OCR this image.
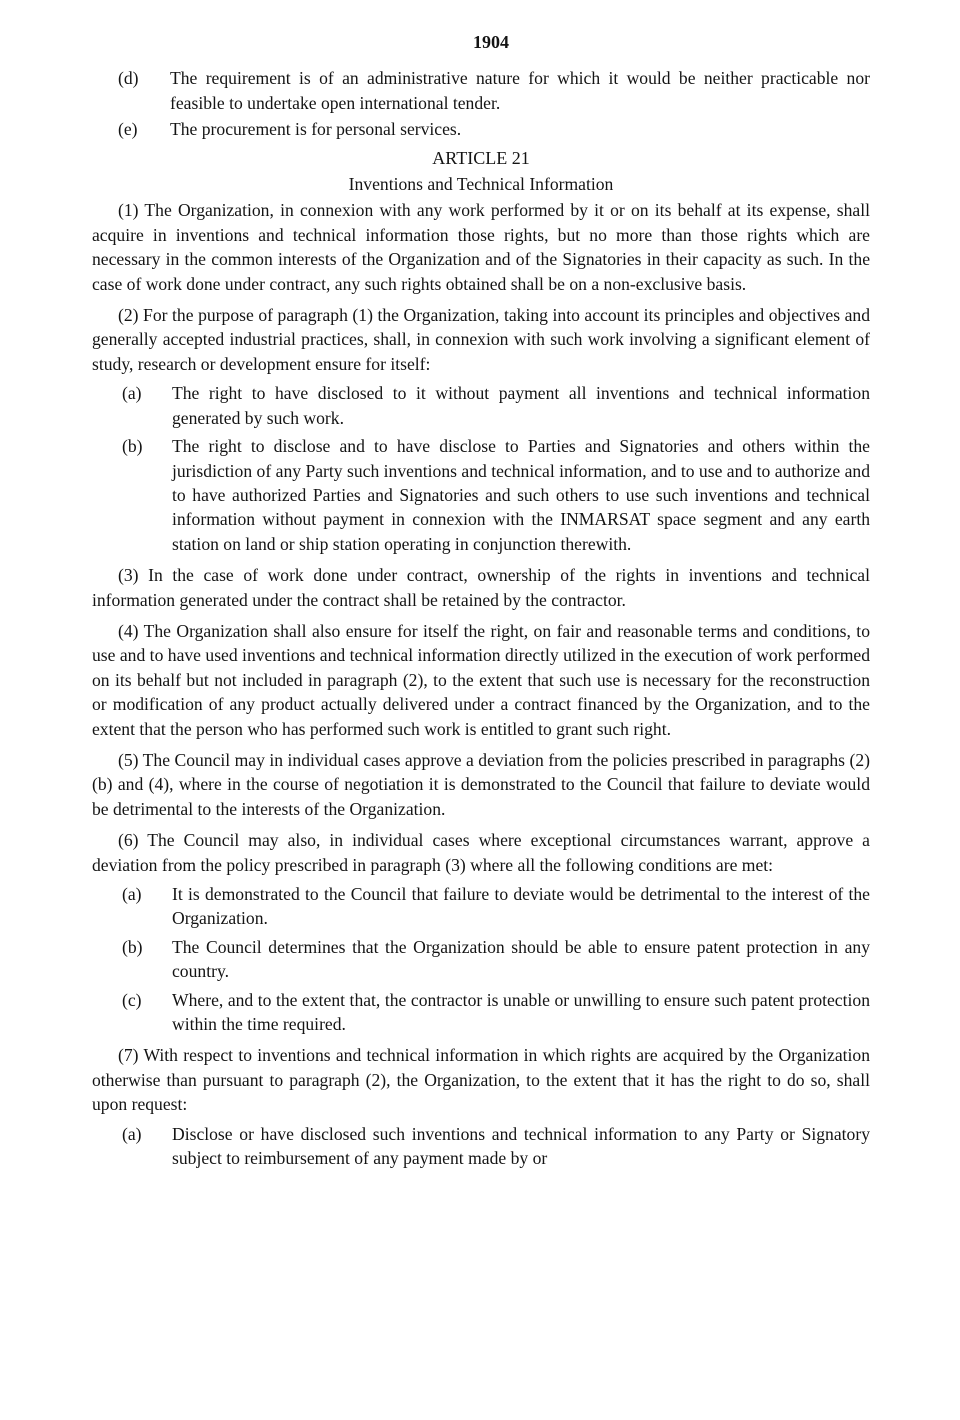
1904
(d)	The requirement is of an administrative nature for which it would be neither practicable nor feasible to undertake open international tender.
(e)	The procurement is for personal services.
ARTICLE 21
Inventions and Technical Information

(1) The Organization, in connexion with any work performed by it or on its behalf at its expense, shall acquire in inventions and technical information those rights, but no more than those rights which are necessary in the common interests of the Organization and of the Signatories in their capacity as such. In the case of work done under contract, any such rights obtained shall be on a non-exclusive basis.

(2) For the purpose of paragraph (1) the Organization, taking into account its principles and objectives and generally accepted industrial practices, shall, in connexion with such work involving a significant element of study, research or development ensure for itself:

(a)	The right to have disclosed to it without payment all inventions and technical information generated by such work.
(b)	The right to disclose and to have disclose to Parties and Signatories and others within the jurisdiction of any Party such inventions and technical information, and to use and to authorize and to have authorized Parties and Signatories and such others to use such inventions and technical information without payment in connexion with the INMARSAT space segment and any earth station on land or ship station operating in conjunction therewith.

(3) In the case of work done under contract, ownership of the rights in inventions and technical information generated under the contract shall be retained by the contractor.

(4) The Organization shall also ensure for itself the right, on fair and reasonable terms and conditions, to use and to have used inventions and technical information directly utilized in the execution of work performed on its behalf but not included in paragraph (2), to the extent that such use is necessary for the reconstruction or modification of any product actually delivered under a contract financed by the Organization, and to the extent that the person who has performed such work is entitled to grant such right.

(5) The Council may in individual cases approve a deviation from the policies prescribed in paragraphs (2)(b) and (4), where in the course of negotiation it is demonstrated to the Council that failure to deviate would be detrimental to the interests of the Organization.

(6) The Council may also, in individual cases where exceptional circumstances warrant, approve a deviation from the policy prescribed in paragraph (3) where all the following conditions are met:

(a)	It is demonstrated to the Council that failure to deviate would be detrimental to the interest of the Organization.
(b)	The Council determines that the Organization should be able to ensure patent protection in any country.
(c)	Where, and to the extent that, the contractor is unable or unwilling to ensure such patent protection within the time required.

(7) With respect to inventions and technical information in which rights are acquired by the Organization otherwise than pursuant to paragraph (2), the Organization, to the extent that it has the right to do so, shall upon request:

(a)	Disclose or have disclosed such inventions and technical information to any Party or Signatory subject to reimbursement of any payment made by or
